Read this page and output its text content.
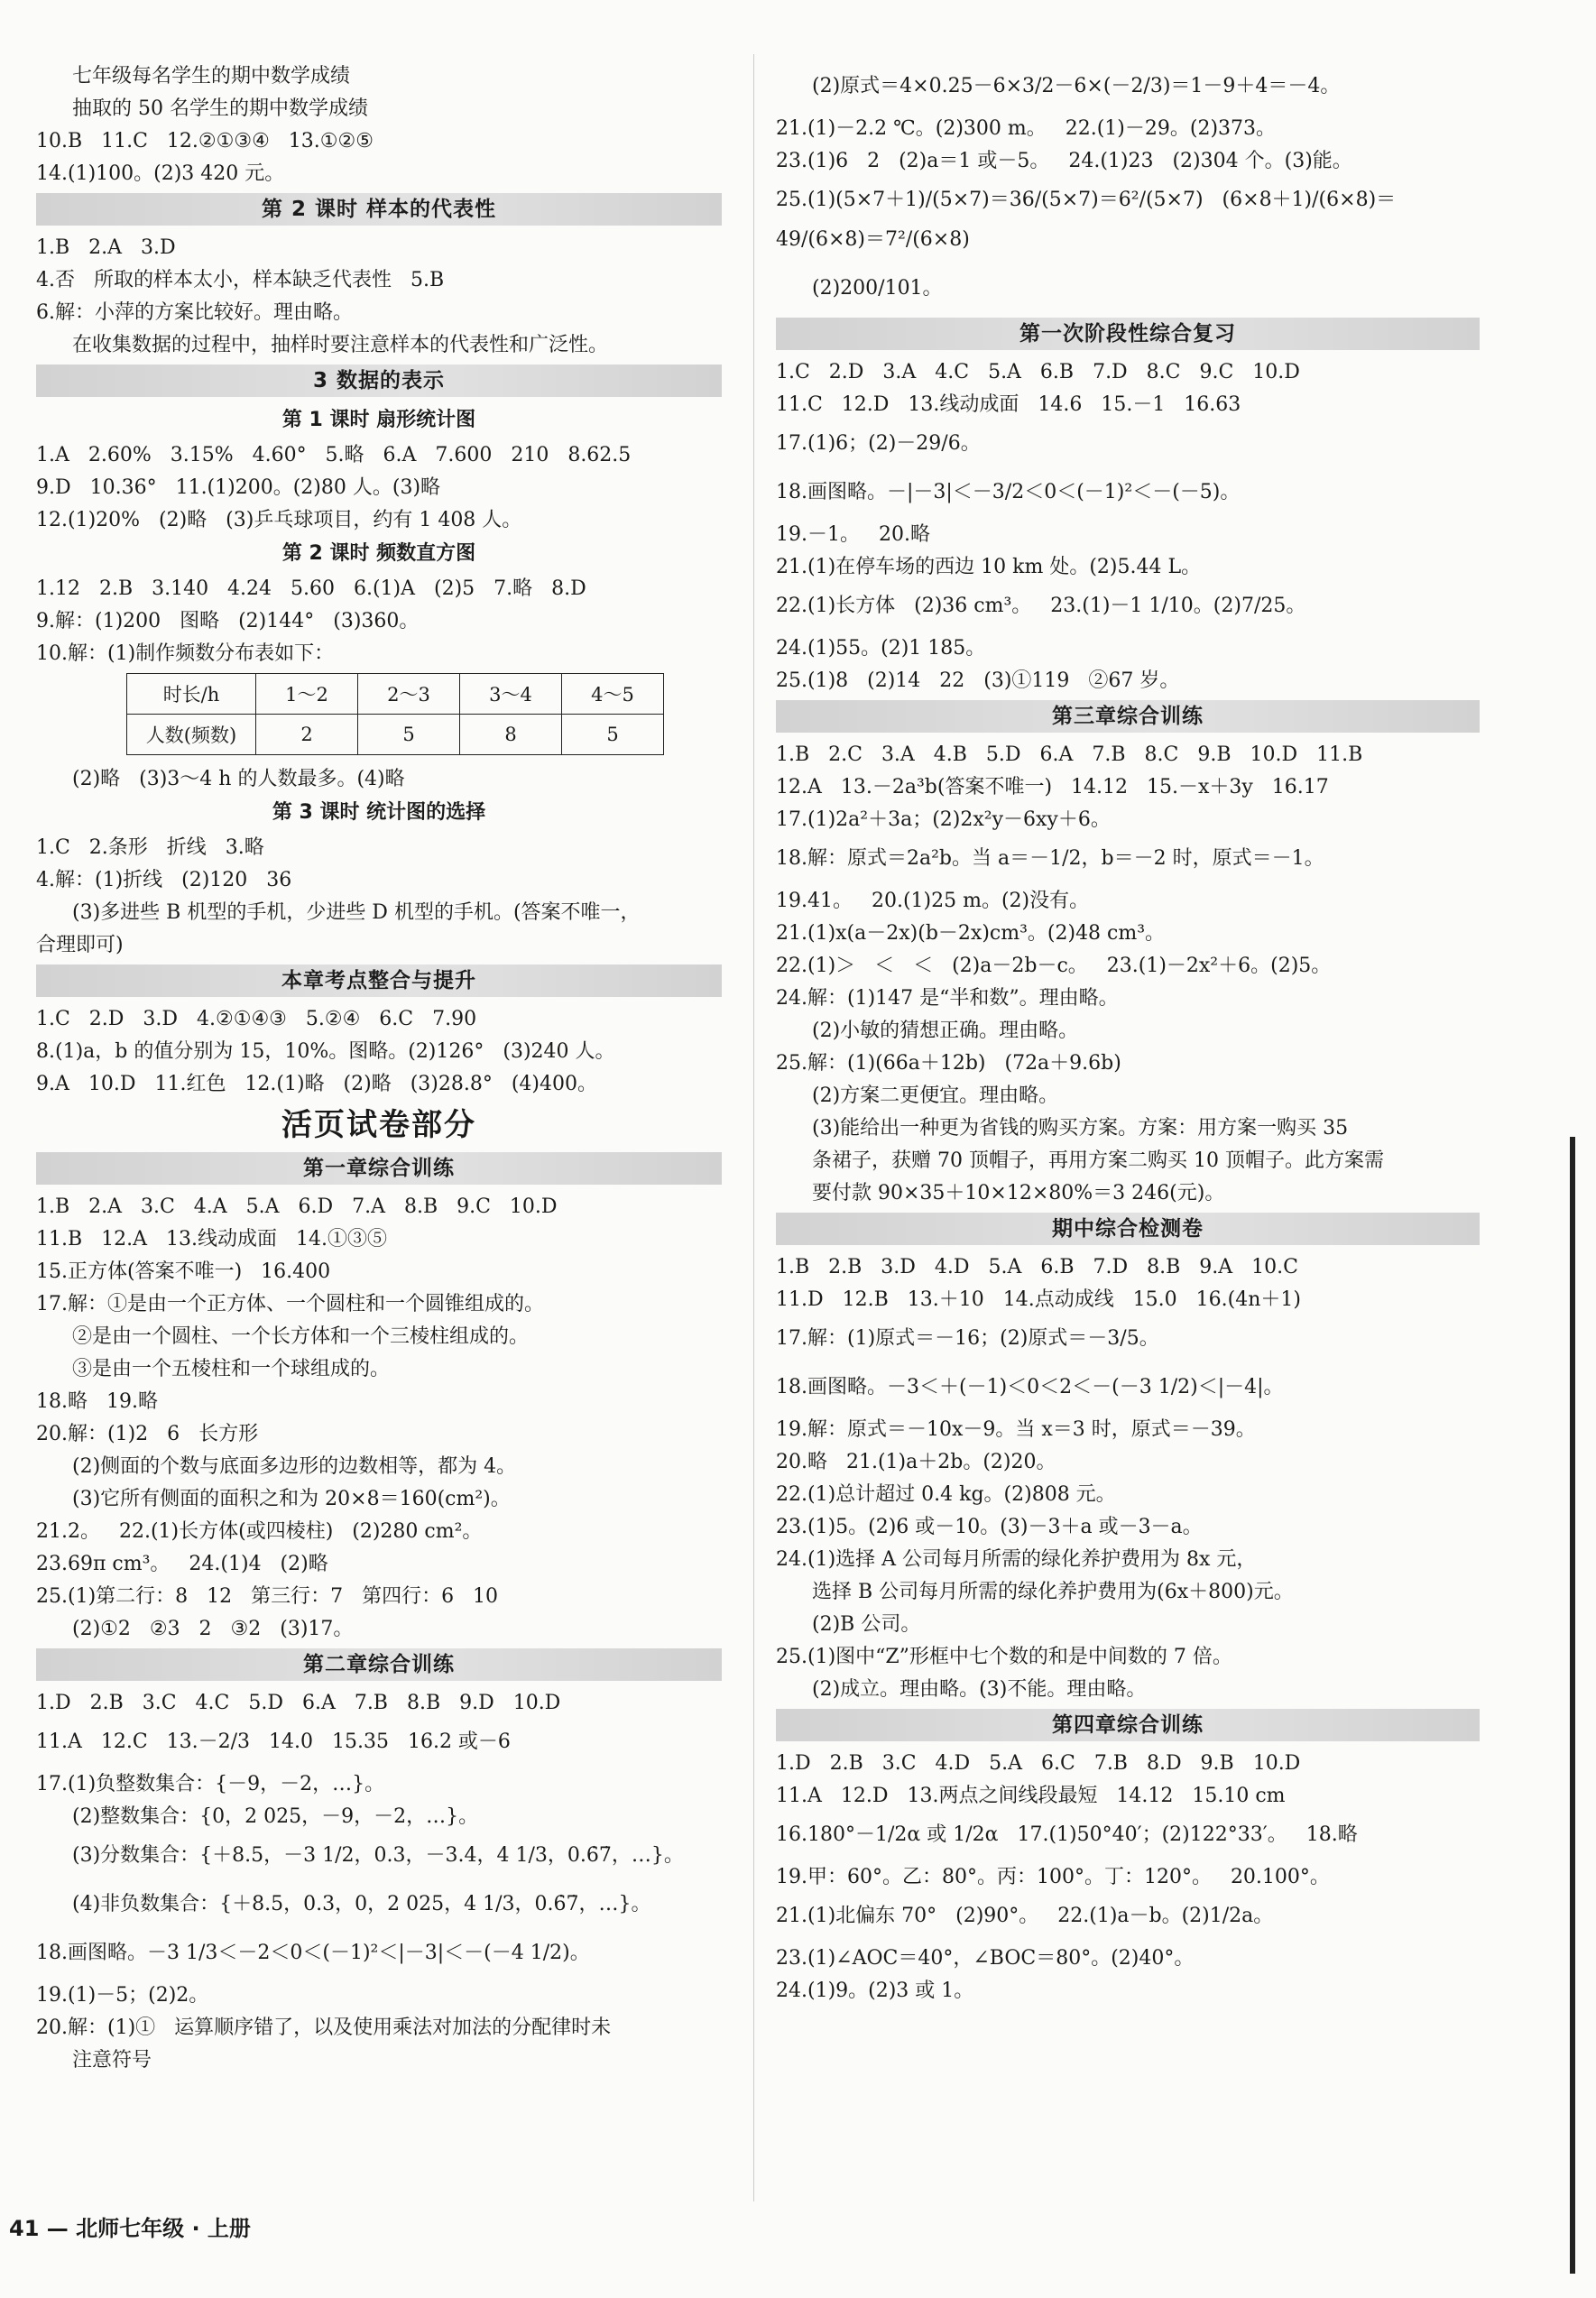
七年级每名学生的期中数学成绩
抽取的 50 名学生的期中数学成绩
10.B   11.C   12.②①③④   13.①②⑤
14.(1)100。(2)3 420 元。
第 2 课时 样本的代表性
1.B   2.A   3.D
4.否   所取的样本太小，样本缺乏代表性   5.B
6.解：小萍的方案比较好。理由略。
在收集数据的过程中，抽样时要注意样本的代表性和广泛性。
3 数据的表示
第 1 课时 扇形统计图
1.A   2.60%   3.15%   4.60°   5.略   6.A   7.600   210   8.62.5
9.D   10.36°   11.(1)200。(2)80 人。(3)略
12.(1)20%   (2)略   (3)乒乓球项目，约有 1 408 人。
第 2 课时 频数直方图
1.12   2.B   3.140   4.24   5.60   6.(1)A   (2)5   7.略   8.D
9.解：(1)200   图略   (2)144°   (3)360。
10.解：(1)制作频数分布表如下：
时长/h	1～2	2～3	3～4	4～5
人数(频数)	2	5	8	5
(2)略   (3)3～4 h 的人数最多。(4)略
第 3 课时 统计图的选择
1.C   2.条形   折线   3.略
4.解：(1)折线   (2)120   36
(3)多进些 B 机型的手机，少进些 D 机型的手机。(答案不唯一，
合理即可)
本章考点整合与提升
1.C   2.D   3.D   4.②①④③   5.②④   6.C   7.90
8.(1)a，b 的值分别为 15，10%。图略。(2)126°   (3)240 人。
9.A   10.D   11.红色   12.(1)略   (2)略   (3)28.8°   (4)400。
活页试卷部分
第一章综合训练
1.B   2.A   3.C   4.A   5.A   6.D   7.A   8.B   9.C   10.D
11.B   12.A   13.线动成面   14.①③⑤
15.正方体(答案不唯一)   16.400
17.解：①是由一个正方体、一个圆柱和一个圆锥组成的。
②是由一个圆柱、一个长方体和一个三棱柱组成的。
③是由一个五棱柱和一个球组成的。
18.略   19.略
20.解：(1)2   6   长方形
(2)侧面的个数与底面多边形的边数相等，都为 4。
(3)它所有侧面的面积之和为 20×8＝160(cm²)。
21.2。   22.(1)长方体(或四棱柱)   (2)280 cm²。
23.69π cm³。   24.(1)4   (2)略
25.(1)第二行：8   12   第三行：7   第四行：6   10
(2)①2   ②3   2   ③2   (3)17。
第二章综合训练
1.D   2.B   3.C   4.C   5.D   6.A   7.B   8.B   9.D   10.D
11.A   12.C   13.－2/3   14.0   15.35   16.2 或－6
17.(1)负整数集合：{－9，－2，…}。
(2)整数集合：{0，2 025，－9，－2，…}。
(3)分数集合：{＋8.5，－3 1/2，0.3，－3.4，4 1/3，0.6̇7̇，…}。
(4)非负数集合：{＋8.5，0.3，0，2 025，4 1/3，0.6̇7̇，…}。
18.画图略。－3 1/3＜－2＜0＜(－1)²＜|－3|＜－(－4 1/2)。
19.(1)－5；(2)2。
20.解：(1)①   运算顺序错了，以及使用乘法对加法的分配律时未
注意符号
(2)原式＝4×0.25－6×3/2－6×(－2/3)＝1－9＋4＝－4。
21.(1)－2.2 ℃。(2)300 m。   22.(1)－29。(2)373。
23.(1)6   2   (2)a＝1 或－5。   24.(1)23   (2)304 个。(3)能。
25.(1)(5×7＋1)/(5×7)＝36/(5×7)＝6²/(5×7)   (6×8＋1)/(6×8)＝49/(6×8)＝7²/(6×8)
(2)200/101。
第一次阶段性综合复习
1.C   2.D   3.A   4.C   5.A   6.B   7.D   8.C   9.C   10.D
11.C   12.D   13.线动成面   14.6   15.－1   16.63
17.(1)6；(2)－29/6。
18.画图略。－|－3|＜－3/2＜0＜(－1)²＜－(－5)。
19.－1。   20.略
21.(1)在停车场的西边 10 km 处。(2)5.44 L。
22.(1)长方体   (2)36 cm³。   23.(1)－1 1/10。(2)7/25。
24.(1)55。(2)1 185。
25.(1)8   (2)14   22   (3)①119   ②67 岁。
第三章综合训练
1.B   2.C   3.A   4.B   5.D   6.A   7.B   8.C   9.B   10.D   11.B
12.A   13.－2a³b(答案不唯一)   14.12   15.－x＋3y   16.17
17.(1)2a²＋3a；(2)2x²y－6xy＋6。
18.解：原式＝2a²b。当 a＝－1/2，b＝－2 时，原式＝－1。
19.41。   20.(1)25 m。(2)没有。
21.(1)x(a－2x)(b－2x)cm³。(2)48 cm³。
22.(1)＞   ＜   ＜   (2)a－2b－c。   23.(1)－2x²＋6。(2)5。
24.解：(1)147 是“半和数”。理由略。
(2)小敏的猜想正确。理由略。
25.解：(1)(66a＋12b)   (72a＋9.6b)
(2)方案二更便宜。理由略。
(3)能给出一种更为省钱的购买方案。方案：用方案一购买 35
条裙子，获赠 70 顶帽子，再用方案二购买 10 顶帽子。此方案需
要付款 90×35＋10×12×80%＝3 246(元)。
期中综合检测卷
1.B   2.B   3.D   4.D   5.A   6.B   7.D   8.B   9.A   10.C
11.D   12.B   13.＋10   14.点动成线   15.0   16.(4n＋1)
17.解：(1)原式＝－16；(2)原式＝－3/5。
18.画图略。－3＜＋(－1)＜0＜2＜－(－3 1/2)＜|－4|。
19.解：原式＝－10x－9。当 x＝3 时，原式＝－39。
20.略   21.(1)a＋2b。(2)20。
22.(1)总计超过 0.4 kg。(2)808 元。
23.(1)5。(2)6 或－10。(3)－3＋a 或－3－a。
24.(1)选择 A 公司每月所需的绿化养护费用为 8x 元，
选择 B 公司每月所需的绿化养护费用为(6x＋800)元。
(2)B 公司。
25.(1)图中“Z”形框中七个数的和是中间数的 7 倍。
(2)成立。理由略。(3)不能。理由略。
第四章综合训练
1.D   2.B   3.C   4.D   5.A   6.C   7.B   8.D   9.B   10.D
11.A   12.D   13.两点之间线段最短   14.12   15.10 cm
16.180°－1/2α 或 1/2α   17.(1)50°40′；(2)122°33′。   18.略
19.甲：60°。乙：80°。丙：100°。丁：120°。   20.100°。
21.(1)北偏东 70°   (2)90°。   22.(1)a－b。(2)1/2a。
23.(1)∠AOC＝40°，∠BOC＝80°。(2)40°。
24.(1)9。(2)3 或 1。
41 — 北师七年级 · 上册
